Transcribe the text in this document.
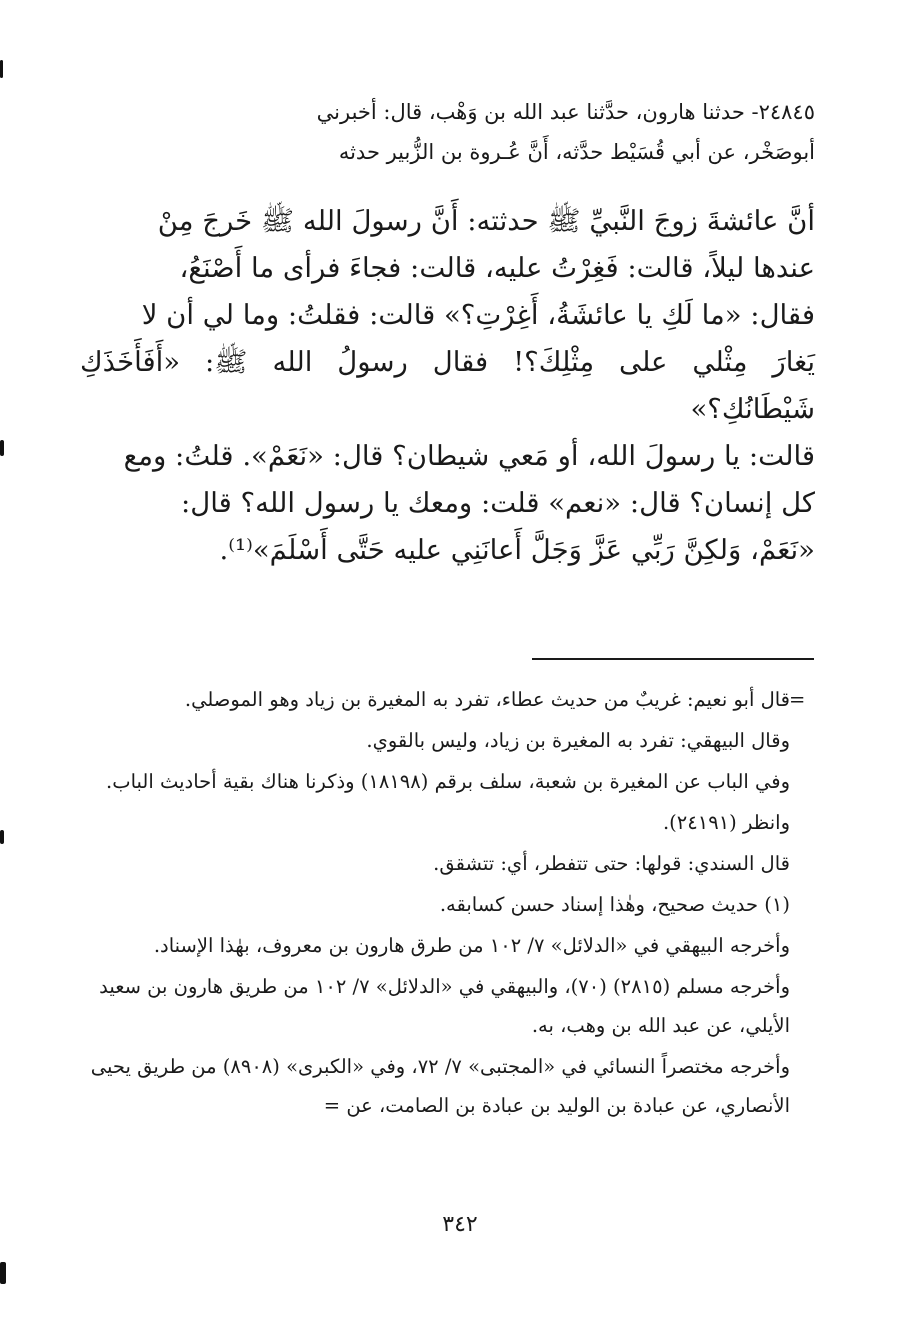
٢٤٨٤٥- حدثنا هارون، حدَّثنا عبد الله بن وَهْب، قال: أخبرني

أبوصَخْر، عن أبي قُسَيْط حدَّثه، أَنَّ عُـروة بن الزُّبير حدثه

أنَّ عائشةَ زوجَ النَّبيِّ ﷺ حدثته: أَنَّ رسولَ الله ﷺ خَرجَ مِنْ

عندها ليلاً، قالت: فَغِرْتُ عليه، قالت: فجاءَ فرأى ما أَصْنَعُ،

فقال: «ما لَكِ يا عائشَةُ، أَغِرْتِ؟» قالت: فقلتُ: وما لي أن لا

يَغارَ مِثْلي على مِثْلِكَ؟! فقال رسولُ الله ﷺ: «أَفَأَخَذَكِ شَيْطَانُكِ؟»

قالت: يا رسولَ الله، أو مَعي شيطان؟ قال: «نَعَمْ». قلتُ: ومع

كل إنسان؟ قال: «نعم» قلت: ومعك يا رسول الله؟ قال:

«نَعَمْ، وَلكِنَّ رَبِّي عَزَّ وَجَلَّ أَعانَنِي عليه حَتَّى أَسْلَمَ»⁽¹⁾.

=

قال أبو نعيم: غريبٌ من حديث عطاء، تفرد به المغيرة بن زياد وهو الموصلي.

وقال البيهقي: تفرد به المغيرة بن زياد، وليس بالقوي.

وفي الباب عن المغيرة بن شعبة، سلف برقم (١٨١٩٨) وذكرنا هناك بقية أحاديث الباب.

وانظر (٢٤١٩١).

قال السندي: قولها: حتى تتفطر، أي: تتشقق.

(١) حديث صحيح، وهٰذا إسناد حسن كسابقه.

وأخرجه البيهقي في «الدلائل» ٧/ ١٠٢ من طرق هارون بن معروف، بهٰذا الإسناد.

وأخرجه مسلم (٢٨١٥) (٧٠)، والبيهقي في «الدلائل» ٧/ ١٠٢ من طريق هارون بن سعيد الأيلي، عن عبد الله بن وهب، به.

وأخرجه مختصراً النسائي في «المجتبى» ٧/ ٧٢، وفي «الكبرى» (٨٩٠٨) من طريق يحيى الأنصاري، عن عبادة بن الوليد بن عبادة بن الصامت، عن =

٣٤٢
